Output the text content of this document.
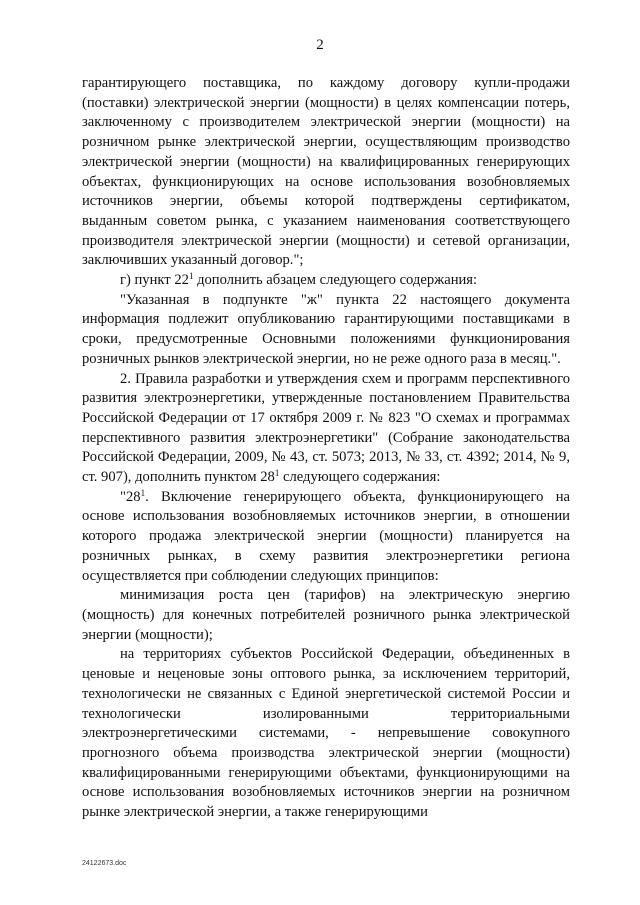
2

гарантирующего поставщика, по каждому договору купли-продажи (поставки) электрической энергии (мощности) в целях компенсации потерь, заключенному с производителем электрической энергии (мощности) на розничном рынке электрической энергии, осуществляющим производство электрической энергии (мощности) на квалифицированных генерирующих объектах, функционирующих на основе использования возобновляемых источников энергии, объемы которой подтверждены сертификатом, выданным советом рынка, с указанием наименования соответствующего производителя электрической энергии (мощности) и сетевой организации, заключивших указанный договор.";

г) пункт $22^1$ дополнить абзацем следующего содержания:

"Указанная в подпункте "ж" пункта 22 настоящего документа информация подлежит опубликованию гарантирующими поставщиками в сроки, предусмотренные Основными положениями функционирования розничных рынков электрической энергии, но не реже одного раза в месяц.".

2. Правила разработки и утверждения схем и программ перспективного развития электроэнергетики, утвержденные постановлением Правительства Российской Федерации от 17 октября 2009 г. № 823 "О схемах и программах перспективного развития электроэнергетики" (Собрание законодательства Российской Федерации, 2009, № 43, ст. 5073; 2013, № 33, ст. 4392; 2014, № 9, ст. 907), дополнить пунктом $28^1$ следующего содержания:

"$28^1$. Включение генерирующего объекта, функционирующего на основе использования возобновляемых источников энергии, в отношении которого продажа электрической энергии (мощности) планируется на розничных рынках, в схему развития электроэнергетики региона осуществляется при соблюдении следующих принципов:

минимизация роста цен (тарифов) на электрическую энергию (мощность) для конечных потребителей розничного рынка электрической энергии (мощности);

на территориях субъектов Российской Федерации, объединенных в ценовые и неценовые зоны оптового рынка, за исключением территорий, технологически не связанных с Единой энергетической системой России и технологически изолированными территориальными электроэнергетическими системами, - непревышение совокупного прогнозного объема производства электрической энергии (мощности) квалифицированными генерирующими объектами, функционирующими на основе использования возобновляемых источников энергии на розничном рынке электрической энергии, а также генерирующими

24122673.doc
